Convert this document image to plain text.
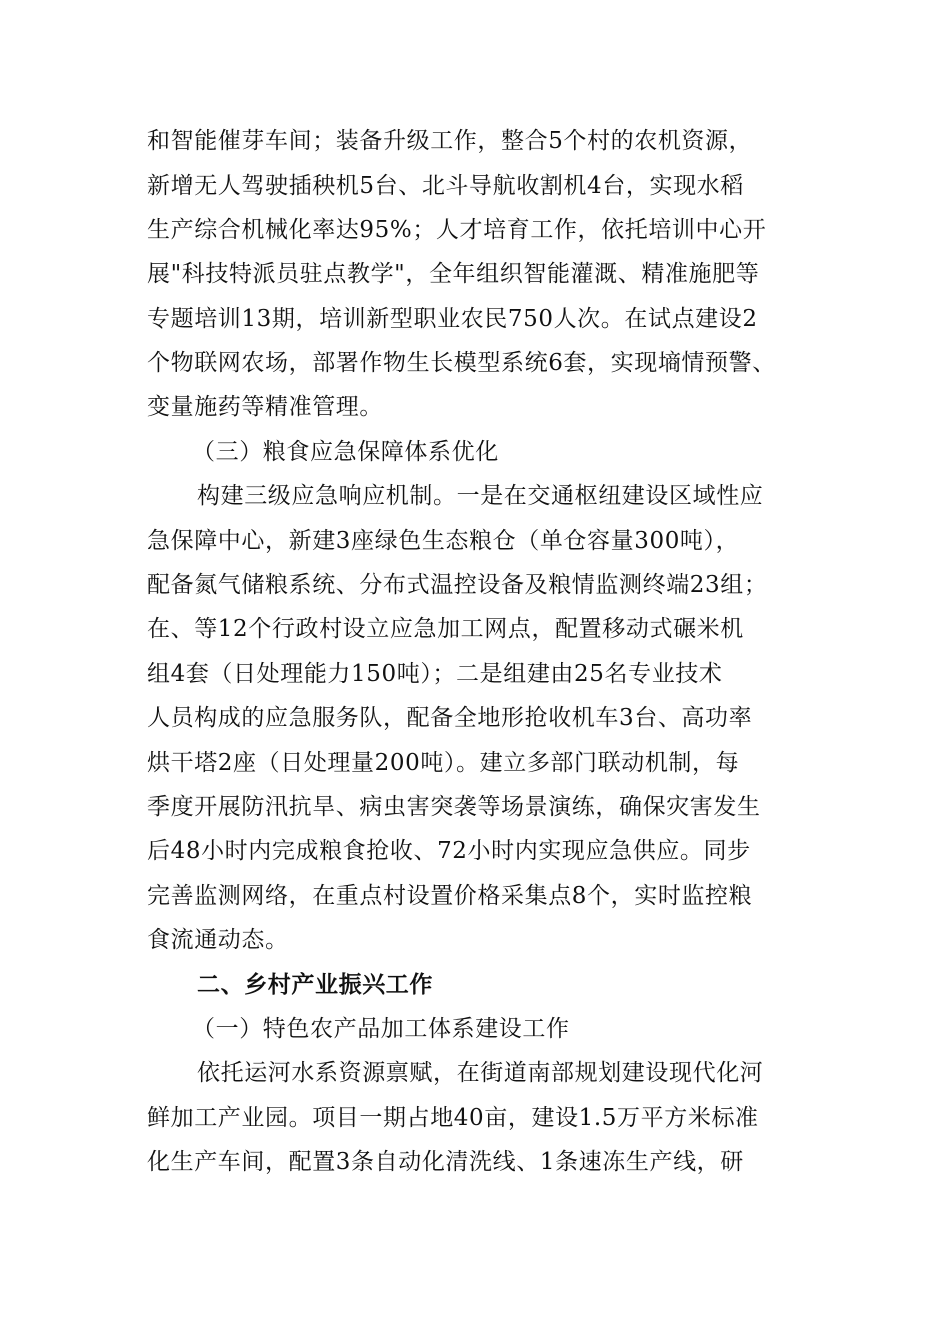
和智能催芽车间；装备升级工作，整合5个村的农机资源，
新增无人驾驶插秧机5台、北斗导航收割机4台，实现水稻
生产综合机械化率达95%；人才培育工作，依托培训中心开
展"科技特派员驻点教学"，全年组织智能灌溉、精准施肥等
专题培训13期，培训新型职业农民750人次。在试点建设2
个物联网农场，部署作物生长模型系统6套，实现墒情预警、
变量施药等精准管理。
（三）粮食应急保障体系优化
构建三级应急响应机制。一是在交通枢纽建设区域性应
急保障中心，新建3座绿色生态粮仓（单仓容量300吨），
配备氮气储粮系统、分布式温控设备及粮情监测终端23组；
在、等12个行政村设立应急加工网点，配置移动式碾米机
组4套（日处理能力150吨）；二是组建由25名专业技术
人员构成的应急服务队，配备全地形抢收机车3台、高功率
烘干塔2座（日处理量200吨）。建立多部门联动机制，每
季度开展防汛抗旱、病虫害突袭等场景演练，确保灾害发生
后48小时内完成粮食抢收、72小时内实现应急供应。同步
完善监测网络，在重点村设置价格采集点8个，实时监控粮
食流通动态。
二、乡村产业振兴工作
（一）特色农产品加工体系建设工作
依托运河水系资源禀赋，在街道南部规划建设现代化河
鲜加工产业园。项目一期占地40亩，建设1.5万平方米标准
化生产车间，配置3条自动化清洗线、1条速冻生产线，研
